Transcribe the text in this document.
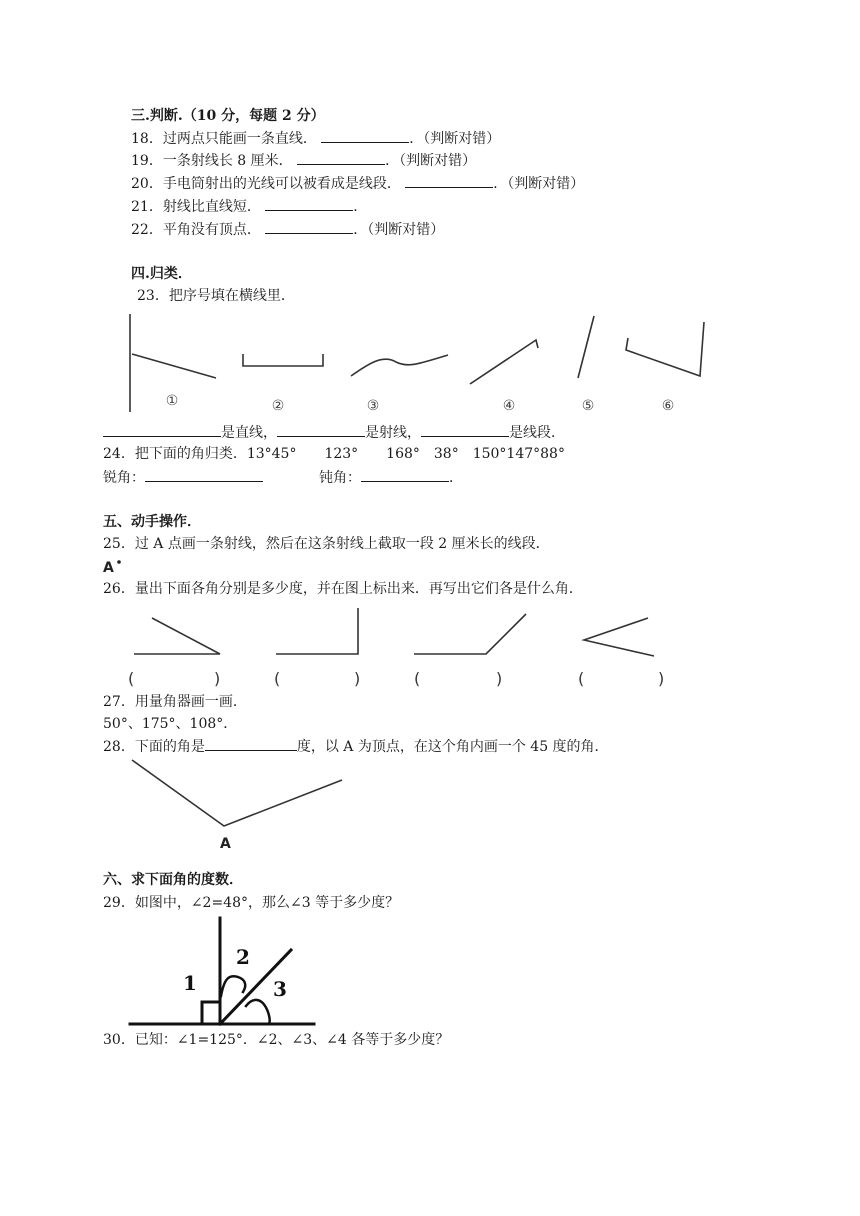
三.判断.（10 分，每题 2 分）
18．过两点只能画一条直线．	．（判断对错）
19．一条射线长 8 厘米．	．（判断对错）
20．手电筒射出的光线可以被看成是线段．	．（判断对错）
21．射线比直线短．	．
22．平角没有顶点．	．（判断对错）
四.归类．
23．把序号填在横线里．
①	②	③	④	⑤	⑥
是直线，	是射线，	是线段．
24．把下面的角归类．13°45°　　123°　　168°　38°　150°147°88°
锐角：	钝角：	．
五、动手操作．
25．过 A 点画一条射线，然后在这条射线上截取一段 2 厘米长的线段．
A
26．量出下面各角分别是多少度，并在图上标出来．再写出它们各是什么角．
(	)	(	)	(	)	(	)
27．用量角器画一画．
50°、175°、108°．
28．下面的角是	度，以 A 为顶点，在这个角内画一个 45 度的角．
A
六、求下面角的度数．
29．如图中，∠2=48°，那么∠3 等于多少度？
1
2
3
30．已知：∠1=125°．∠2、∠3、∠4 各等于多少度？
